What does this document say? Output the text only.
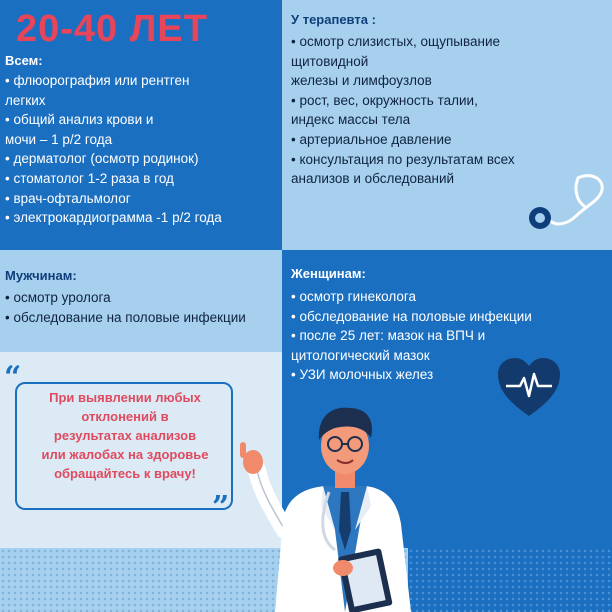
20-40 ЛЕТ
Всем:
• флюорография или рентген
легких
• общий анализ крови и
мочи – 1 р/2 года
• дерматолог (осмотр родинок)
• стоматолог 1-2 раза в год
• врач-офтальмолог
• электрокардиограмма -1 р/2 года
У терапевта :
• осмотр слизистых, ощупывание
щитовидной
железы и лимфоузлов
• рост, вес, окружность талии,
индекс массы тела
• артериальное давление
• консультация по результатам всех
анализов и обследований
Мужчинам:
• осмотр уролога
• обследование на половые инфекции
Женщинам:
• осмотр гинеколога
• обследование на половые инфекции
• после 25 лет: мазок на ВПЧ и
цитологический мазок
• УЗИ молочных желез
“
”
При выявлении любых
отклонений в
результатах анализов
или жалобах на здоровье
обращайтесь к врачу!
